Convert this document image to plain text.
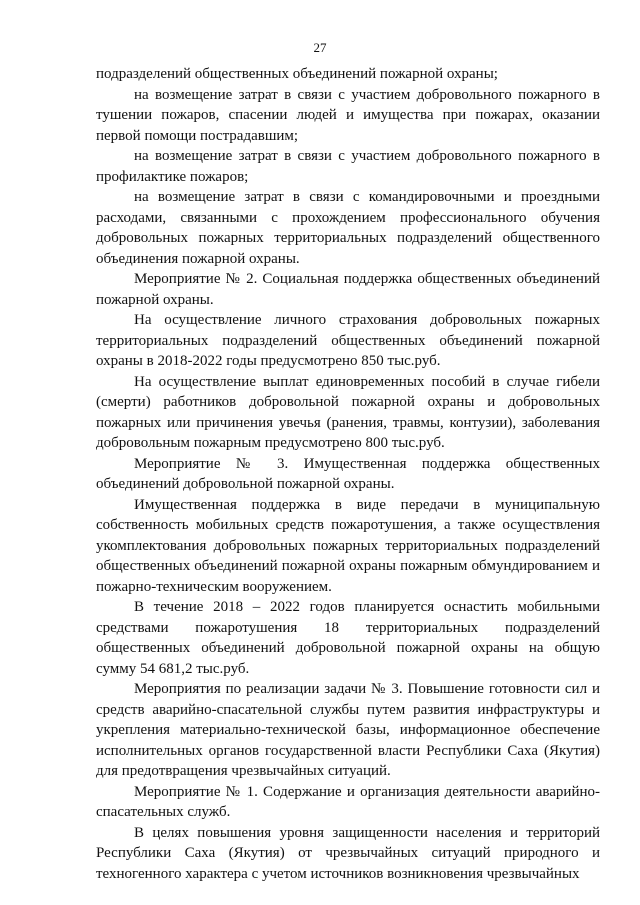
27

подразделений общественных объединений пожарной охраны;

на возмещение затрат в связи с участием добровольного пожарного в тушении пожаров, спасении людей и имущества при пожарах, оказании первой помощи пострадавшим;

на возмещение затрат в связи с участием добровольного пожарного в профилактике пожаров;

на возмещение затрат в связи с командировочными и проездными расходами, связанными с прохождением профессионального обучения добровольных пожарных территориальных подразделений общественного объединения пожарной охраны.

Мероприятие № 2. Социальная поддержка общественных объединений пожарной охраны.

На осуществление личного страхования добровольных пожарных территориальных подразделений общественных объединений пожарной охраны в 2018-2022 годы предусмотрено 850 тыс.руб.

На осуществление выплат единовременных пособий в случае гибели (смерти) работников добровольной пожарной охраны и добровольных пожарных или причинения увечья (ранения, травмы, контузии), заболевания добровольным пожарным предусмотрено 800 тыс.руб.

Мероприятие № 3. Имущественная поддержка общественных объединений добровольной пожарной охраны.

Имущественная поддержка в виде передачи в муниципальную собственность мобильных средств пожаротушения, а также осуществления укомплектования добровольных пожарных территориальных подразделений общественных объединений пожарной охраны пожарным обмундированием и пожарно-техническим вооружением.

В течение 2018 – 2022 годов планируется оснастить мобильными средствами пожаротушения 18 территориальных подразделений общественных объединений добровольной пожарной охраны на общую сумму 54 681,2 тыс.руб.

Мероприятия по реализации задачи № 3. Повышение готовности сил и средств аварийно-спасательной службы путем развития инфраструктуры и укрепления материально-технической базы, информационное обеспечение исполнительных органов государственной власти Республики Саха (Якутия) для предотвращения чрезвычайных ситуаций.

Мероприятие № 1. Содержание и организация деятельности аварийно-спасательных служб.

В целях повышения уровня защищенности населения и территорий Республики Саха (Якутия) от чрезвычайных ситуаций природного и техногенного характера с учетом источников возникновения чрезвычайных
